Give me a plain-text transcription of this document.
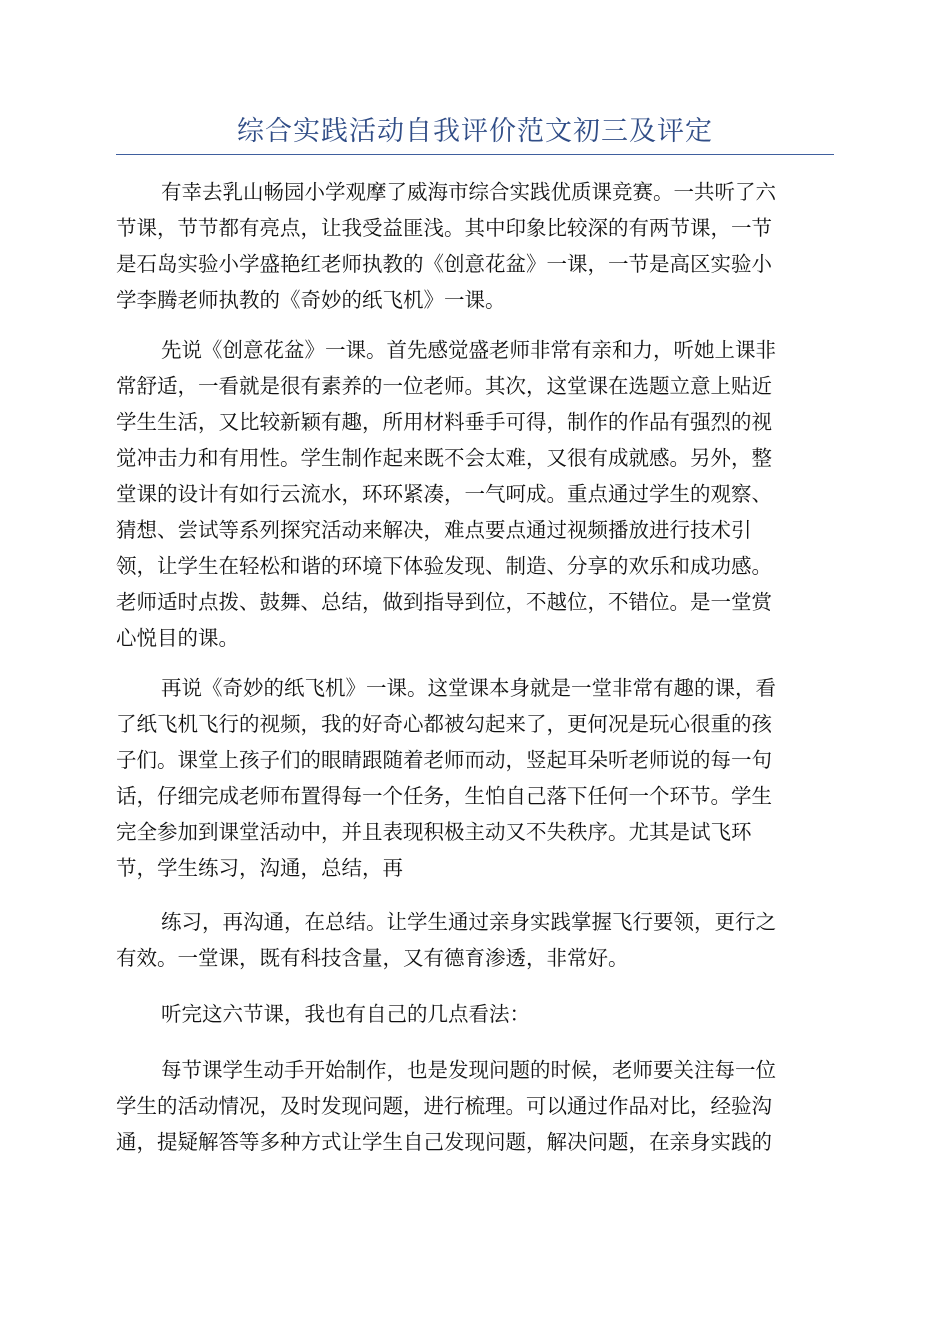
综合实践活动自我评价范文初三及评定
有幸去乳山畅园小学观摩了威海市综合实践优质课竞赛。一共听了六
节课，节节都有亮点，让我受益匪浅。其中印象比较深的有两节课，一节
是石岛实验小学盛艳红老师执教的《创意花盆》一课，一节是高区实验小
学李腾老师执教的《奇妙的纸飞机》一课。
先说《创意花盆》一课。首先感觉盛老师非常有亲和力，听她上课非
常舒适，一看就是很有素养的一位老师。其次，这堂课在选题立意上贴近
学生生活，又比较新颖有趣，所用材料垂手可得，制作的作品有强烈的视
觉冲击力和有用性。学生制作起来既不会太难，又很有成就感。另外，整
堂课的设计有如行云流水，环环紧凑，一气呵成。重点通过学生的观察、
猜想、尝试等系列探究活动来解决，难点要点通过视频播放进行技术引
领，让学生在轻松和谐的环境下体验发现、制造、分享的欢乐和成功感。
老师适时点拨、鼓舞、总结，做到指导到位，不越位，不错位。是一堂赏
心悦目的课。
再说《奇妙的纸飞机》一课。这堂课本身就是一堂非常有趣的课，看
了纸飞机飞行的视频，我的好奇心都被勾起来了，更何况是玩心很重的孩
子们。课堂上孩子们的眼睛跟随着老师而动，竖起耳朵听老师说的每一句
话，仔细完成老师布置得每一个任务，生怕自己落下任何一个环节。学生
完全参加到课堂活动中，并且表现积极主动又不失秩序。尤其是试飞环
节，学生练习，沟通，总结，再
练习，再沟通，在总结。让学生通过亲身实践掌握飞行要领，更行之
有效。一堂课，既有科技含量，又有德育渗透，非常好。
听完这六节课，我也有自己的几点看法：
每节课学生动手开始制作，也是发现问题的时候，老师要关注每一位
学生的活动情况，及时发现问题，进行梳理。可以通过作品对比，经验沟
通，提疑解答等多种方式让学生自己发现问题，解决问题，在亲身实践的
